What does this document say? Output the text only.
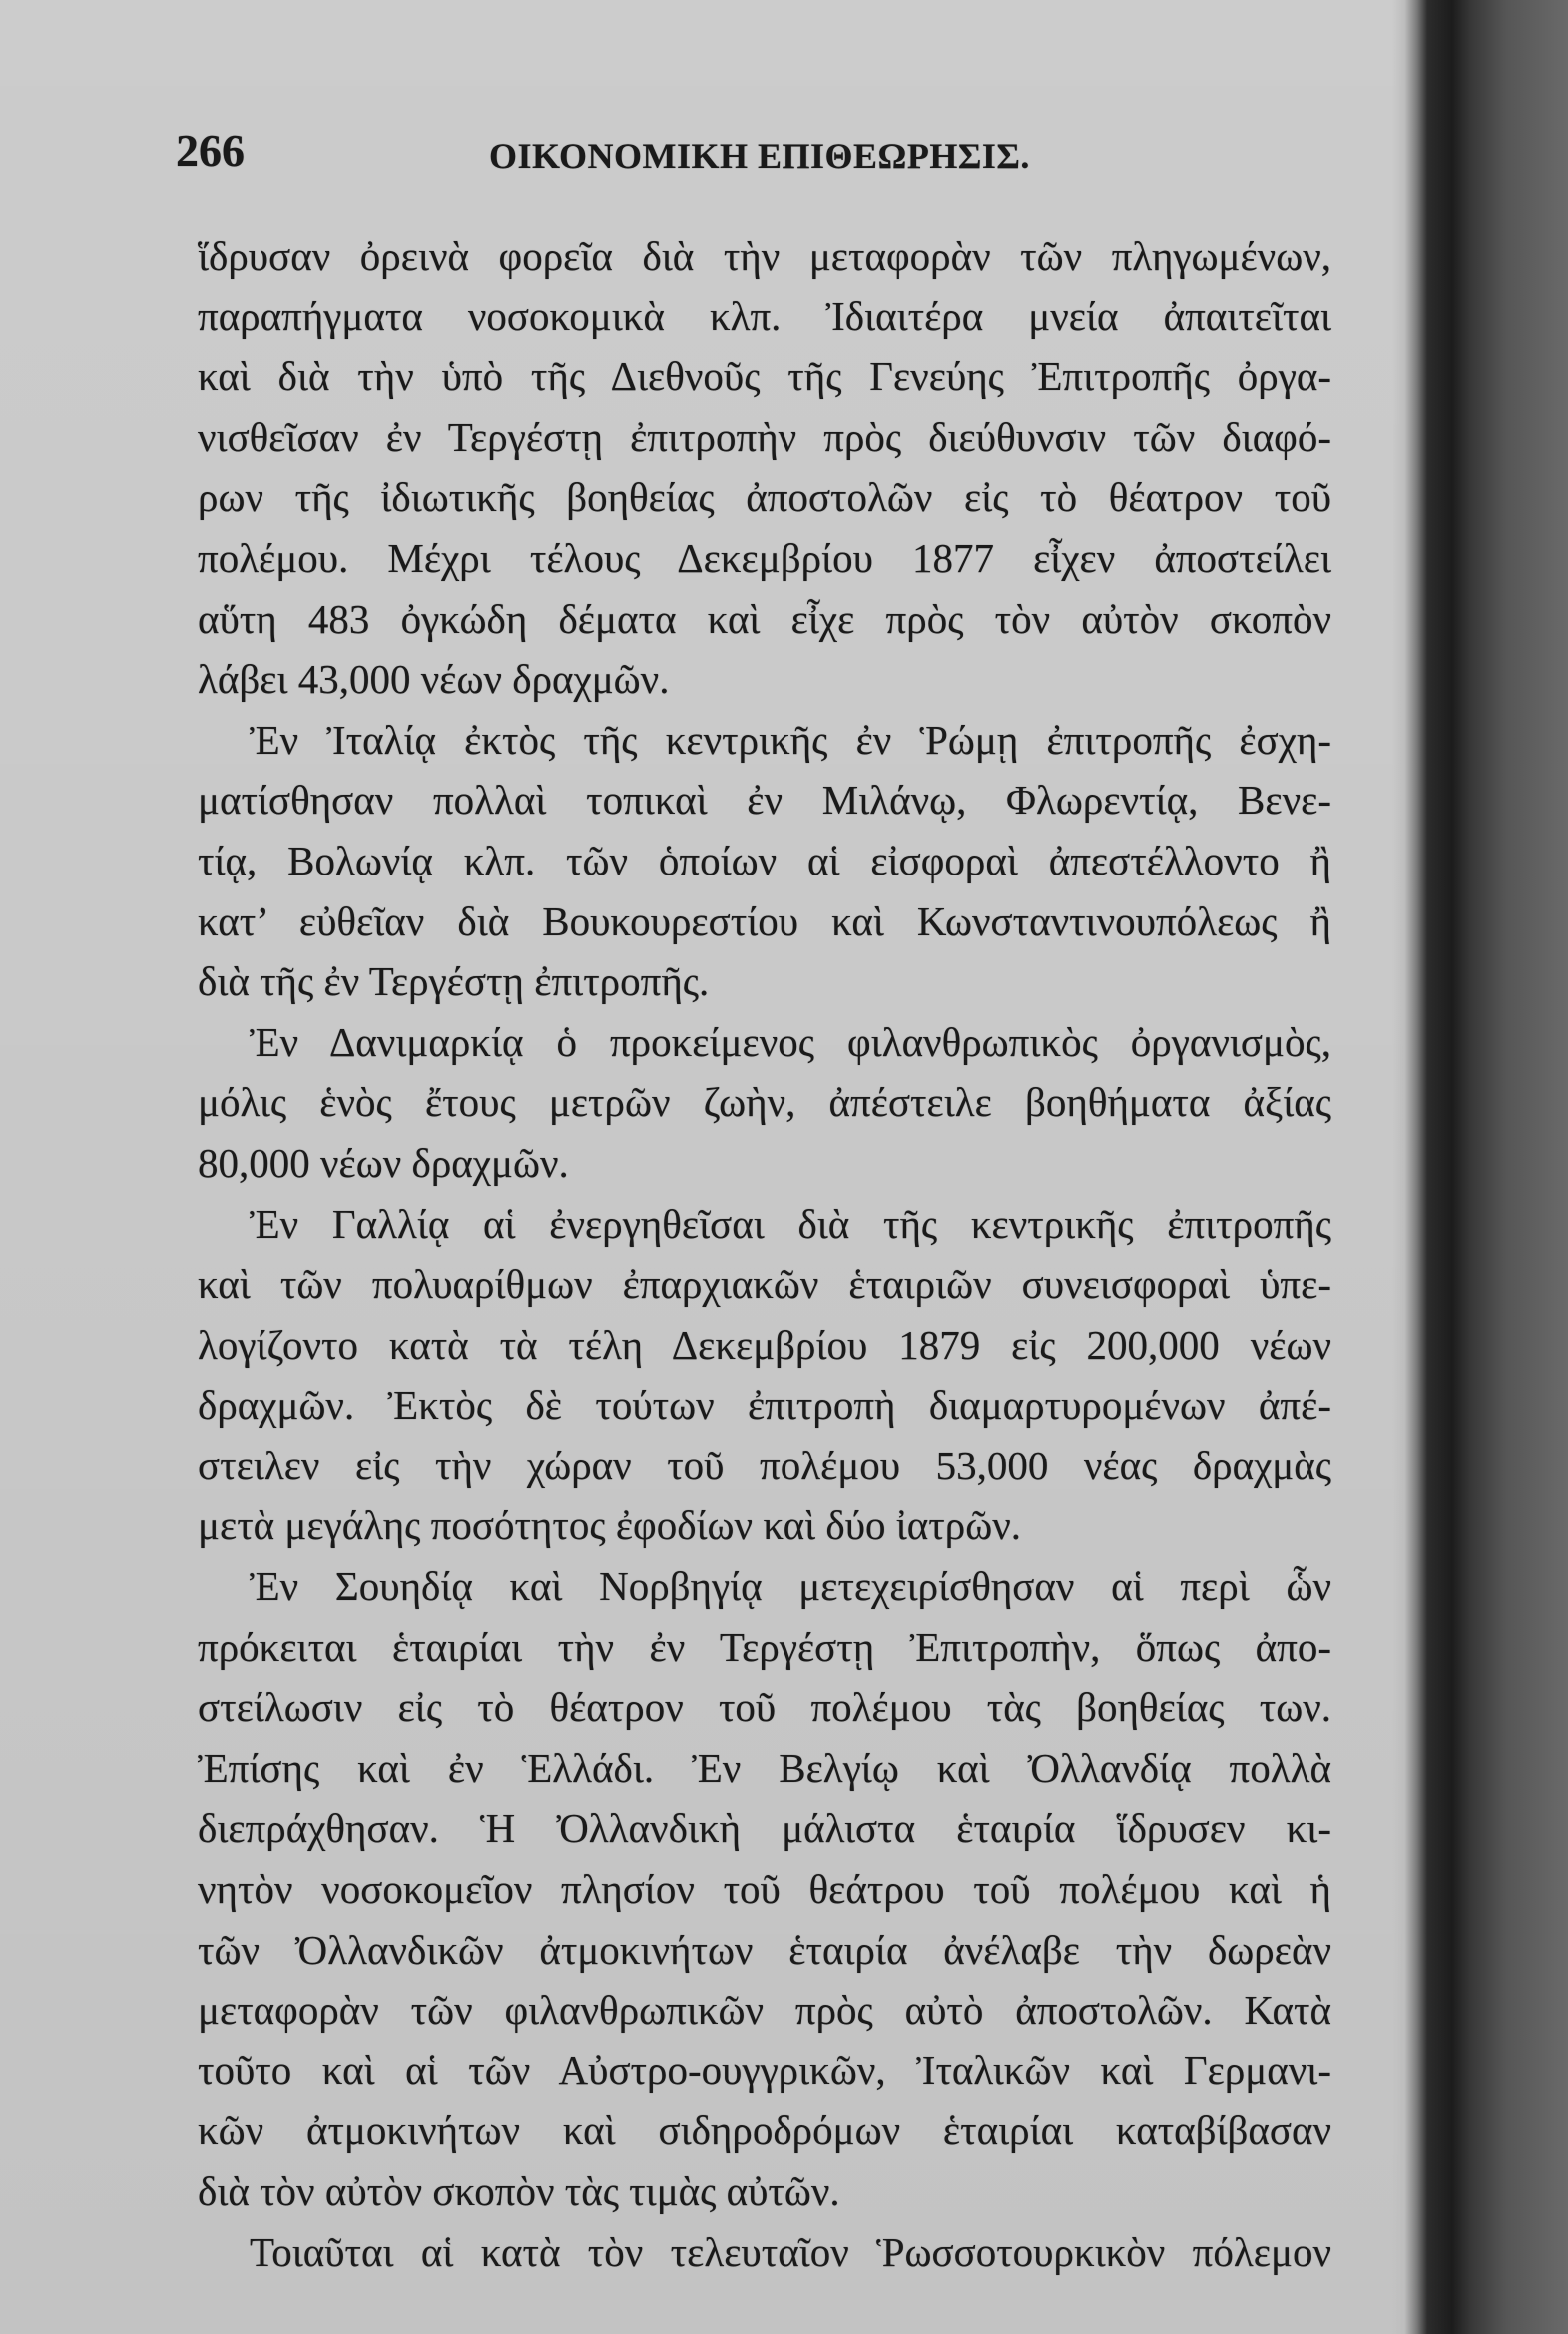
266	ΟΙΚΟΝΟΜΙΚΗ ΕΠΙΘΕΩΡΗΣΙΣ.
ἵδρυσαν ὀρεινὰ φορεῖα διὰ τὴν μεταφορὰν τῶν πληγωμένων,
παραπήγματα νοσοκομικὰ κλπ. Ἰδιαιτέρα μνεία ἀπαιτεῖται
καὶ διὰ τὴν ὑπὸ τῆς Διεθνοῦς τῆς Γενεύης Ἐπιτροπῆς ὀργα-
νισθεῖσαν ἐν Τεργέστῃ ἐπιτροπὴν πρὸς διεύθυνσιν τῶν διαφό-
ρων τῆς ἰδιωτικῆς βοηθείας ἀποστολῶν εἰς τὸ θέατρον τοῦ
πολέμου. Μέχρι τέλους Δεκεμβρίου 1877 εἶχεν ἀποστείλει
αὕτη 483 ὀγκώδη δέματα καὶ εἶχε πρὸς τὸν αὐτὸν σκοπὸν
λάβει 43,000 νέων δραχμῶν.
Ἐν Ἰταλίᾳ ἐκτὸς τῆς κεντρικῆς ἐν Ῥώμῃ ἐπιτροπῆς ἐσχη-
ματίσθησαν πολλαὶ τοπικαὶ ἐν Μιλάνῳ, Φλωρεντίᾳ, Βενε-
τίᾳ, Βολωνίᾳ κλπ. τῶν ὁποίων αἱ εἰσφοραὶ ἀπεστέλλοντο ἢ
κατ’ εὐθεῖαν διὰ Βουκουρεστίου καὶ Κωνσταντινουπόλεως ἢ
διὰ τῆς ἐν Τεργέστῃ ἐπιτροπῆς.
Ἐν Δανιμαρκίᾳ ὁ προκείμενος φιλανθρωπικὸς ὀργανισμὸς,
μόλις ἑνὸς ἔτους μετρῶν ζωὴν, ἀπέστειλε βοηθήματα ἀξίας
80,000 νέων δραχμῶν.
Ἐν Γαλλίᾳ αἱ ἐνεργηθεῖσαι διὰ τῆς κεντρικῆς ἐπιτροπῆς
καὶ τῶν πολυαρίθμων ἐπαρχιακῶν ἑταιριῶν συνεισφοραὶ ὑπε-
λογίζοντο κατὰ τὰ τέλη Δεκεμβρίου 1879 εἰς 200,000 νέων
δραχμῶν. Ἐκτὸς δὲ τούτων ἐπιτροπὴ διαμαρτυρομένων ἀπέ-
στειλεν εἰς τὴν χώραν τοῦ πολέμου 53,000 νέας δραχμὰς
μετὰ μεγάλης ποσότητος ἐφοδίων καὶ δύο ἰατρῶν.
Ἐν Σουηδίᾳ καὶ Νορβηγίᾳ μετεχειρίσθησαν αἱ περὶ ὧν
πρόκειται ἑταιρίαι τὴν ἐν Τεργέστῃ Ἐπιτροπὴν, ὅπως ἀπο-
στείλωσιν εἰς τὸ θέατρον τοῦ πολέμου τὰς βοηθείας των.
Ἐπίσης καὶ ἐν Ἑλλάδι. Ἐν Βελγίῳ καὶ Ὀλλανδίᾳ πολλὰ
διεπράχθησαν. Ἡ Ὀλλανδικὴ μάλιστα ἑταιρία ἵδρυσεν κι-
νητὸν νοσοκομεῖον πλησίον τοῦ θεάτρου τοῦ πολέμου καὶ ἡ
τῶν Ὀλλανδικῶν ἀτμοκινήτων ἑταιρία ἀνέλαβε τὴν δωρεὰν
μεταφορὰν τῶν φιλανθρωπικῶν πρὸς αὐτὸ ἀποστολῶν. Κατὰ
τοῦτο καὶ αἱ τῶν Αὐστρο-ουγγρικῶν, Ἰταλικῶν καὶ Γερμανι-
κῶν ἀτμοκινήτων καὶ σιδηροδρόμων ἑταιρίαι καταβίβασαν
διὰ τὸν αὐτὸν σκοπὸν τὰς τιμὰς αὐτῶν.
Τοιαῦται αἱ κατὰ τὸν τελευταῖον Ῥωσσοτουρκικὸν πόλεμον
